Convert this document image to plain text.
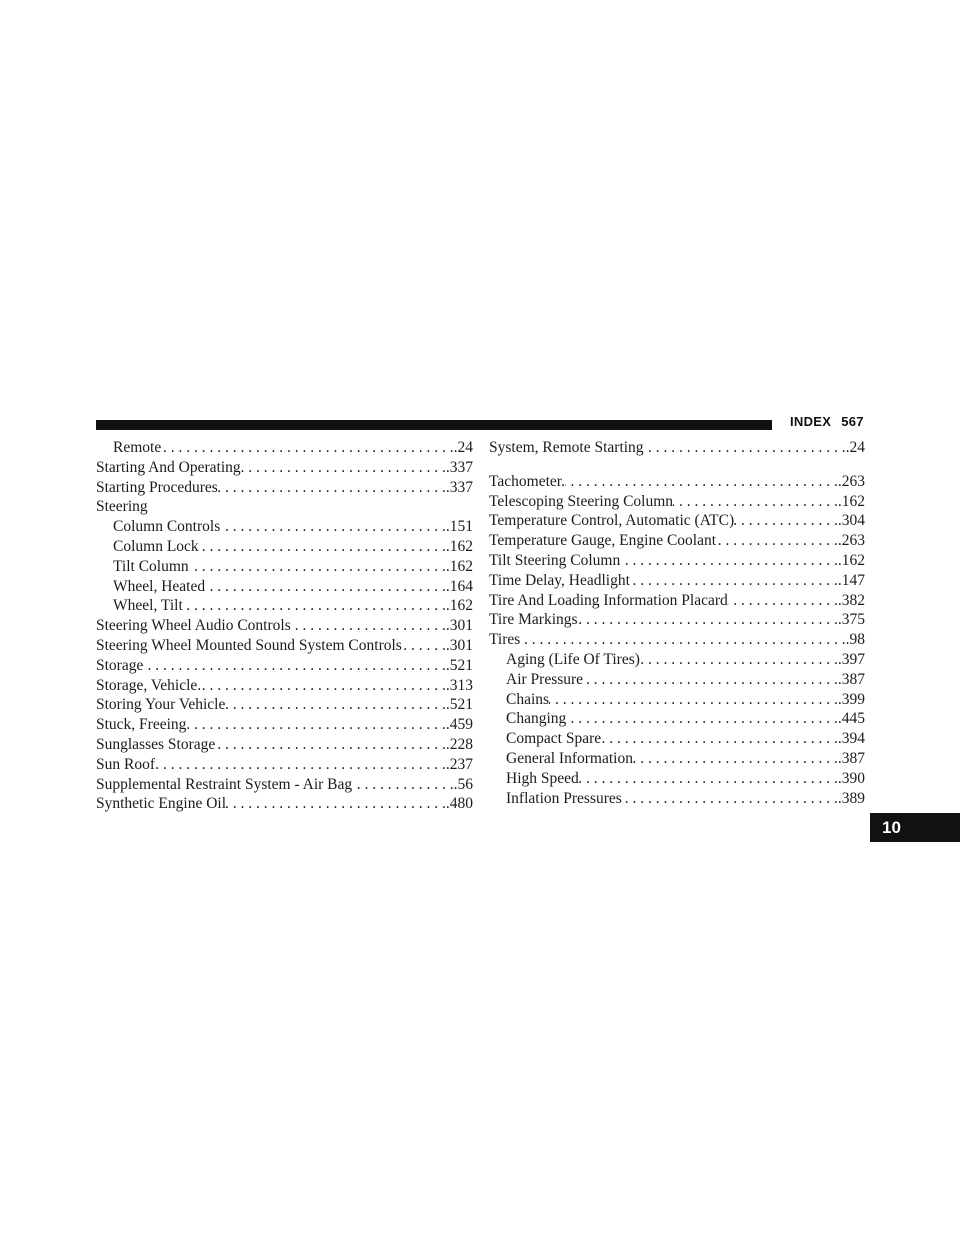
INDEX 567
Remote . . .	.24
Starting And Operating . . .	.337
Starting Procedures . . .	.337
Steering
Column Controls . . .	.151
Column Lock . . .	.162
Tilt Column . . .	.162
Wheel, Heated . . .	.164
Wheel, Tilt . . .	.162
Steering Wheel Audio Controls . . .	.301
Steering Wheel Mounted Sound System Controls . . .	.301
Storage . . .	.521
Storage, Vehicle. . . .	.313
Storing Your Vehicle . . .	.521
Stuck, Freeing . . .	.459
Sunglasses Storage . . .	.228
Sun Roof . . .	.237
Supplemental Restraint System - Air Bag . . .	.56
Synthetic Engine Oil . . .	.480
System, Remote Starting . . .	.24
Tachometer. . . .	.263
Telescoping Steering Column . . .	.162
Temperature Control, Automatic (ATC) . . .	.304
Temperature Gauge, Engine Coolant . . .	.263
Tilt Steering Column . . .	.162
Time Delay, Headlight . . .	.147
Tire And Loading Information Placard . . .	.382
Tire Markings . . .	.375
Tires . . .	.98
Aging (Life Of Tires) . . .	.397
Air Pressure . . .	.387
Chains . . .	.399
Changing . . .	.445
Compact Spare . . .	.394
General Information . . .	.387
High Speed . . .	.390
Inflation Pressures . . .	.389
10
